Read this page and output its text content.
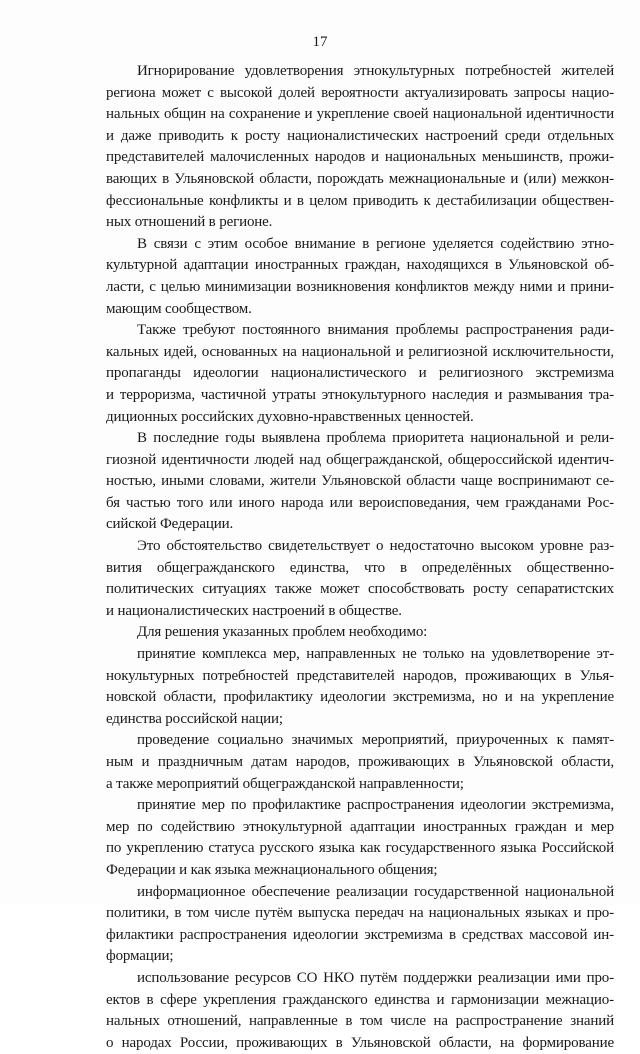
17
Игнорирование удовлетворения этнокультурных потребностей жителей
региона может с высокой долей вероятности актуализировать запросы нацио-
нальных общин на сохранение и укрепление своей национальной идентичности
и даже приводить к росту националистических настроений среди отдельных
представителей малочисленных народов и национальных меньшинств, прожи-
вающих в Ульяновской области, порождать межнациональные и (или) межкон-
фессиональные конфликты и в целом приводить к дестабилизации обществен-
ных отношений в регионе.
В связи с этим особое внимание в регионе уделяется содействию этно-
культурной адаптации иностранных граждан, находящихся в Ульяновской об-
ласти, с целью минимизации возникновения конфликтов между ними и прини-
мающим сообществом.
Также требуют постоянного внимания проблемы распространения ради-
кальных идей, основанных на национальной и религиозной исключительности,
пропаганды идеологии националистического и религиозного экстремизма
и терроризма, частичной утраты этнокультурного наследия и размывания тра-
диционных российских духовно-нравственных ценностей.
В последние годы выявлена проблема приоритета национальной и рели-
гиозной идентичности людей над общегражданской, общероссийской идентич-
ностью, иными словами, жители Ульяновской области чаще воспринимают се-
бя частью того или иного народа или вероисповедания, чем гражданами Рос-
сийской Федерации.
Это обстоятельство свидетельствует о недостаточно высоком уровне раз-
вития общегражданского единства, что в определённых общественно-
политических ситуациях также может способствовать росту сепаратистских
и националистических настроений в обществе.
Для решения указанных проблем необходимо:
принятие комплекса мер, направленных не только на удовлетворение эт-
нокультурных потребностей представителей народов, проживающих в Улья-
новской области, профилактику идеологии экстремизма, но и на укрепление
единства российской нации;
проведение социально значимых мероприятий, приуроченных к памят-
ным и праздничным датам народов, проживающих в Ульяновской области,
а также мероприятий общегражданской направленности;
принятие мер по профилактике распространения идеологии экстремизма,
мер по содействию этнокультурной адаптации иностранных граждан и мер
по укреплению статуса русского языка как государственного языка Российской
Федерации и как языка межнационального общения;
информационное обеспечение реализации государственной национальной
политики, в том числе путём выпуска передач на национальных языках и про-
филактики распространения идеологии экстремизма в средствах массовой ин-
формации;
использование ресурсов СО НКО путём поддержки реализации ими про-
ектов в сфере укрепления гражданского единства и гармонизации межнацио-
нальных отношений, направленные в том числе на распространение знаний
о народах России, проживающих в Ульяновской области, на формирование
